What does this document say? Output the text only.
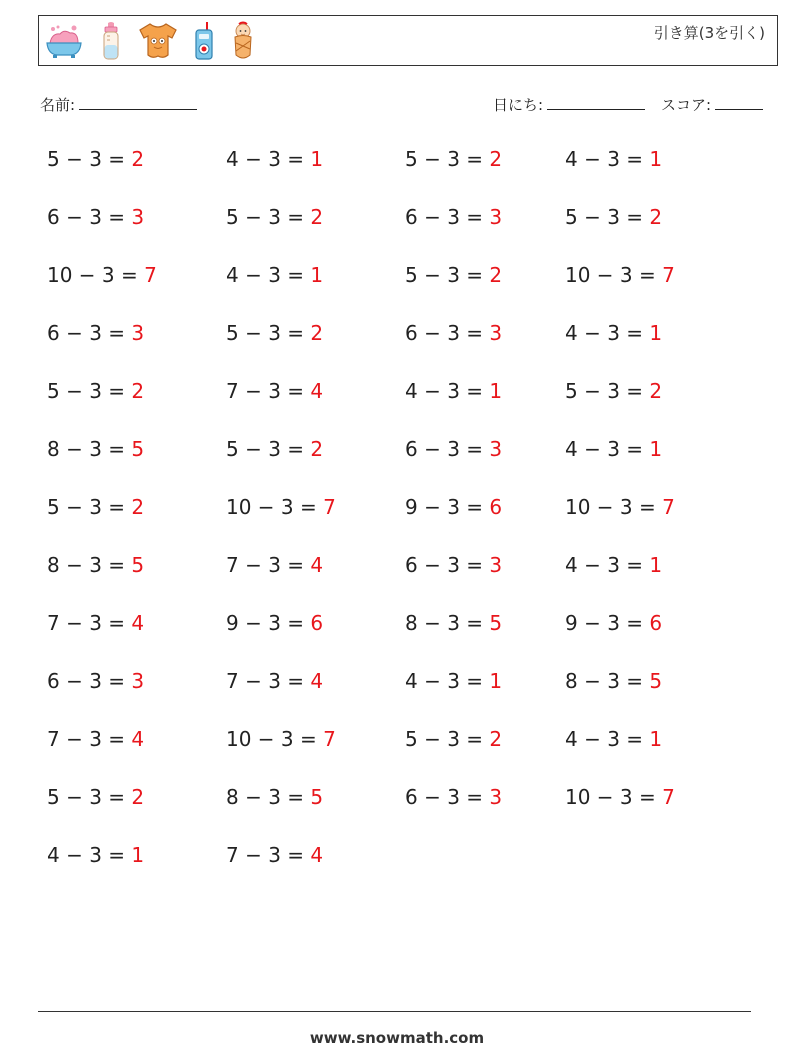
引き算(3を引く)
名前:	日にち:	スコア:
5 − 3 = 2	4 − 3 = 1	5 − 3 = 2	4 − 3 = 1
6 − 3 = 3	5 − 3 = 2	6 − 3 = 3	5 − 3 = 2
10 − 3 = 7	4 − 3 = 1	5 − 3 = 2	10 − 3 = 7
6 − 3 = 3	5 − 3 = 2	6 − 3 = 3	4 − 3 = 1
5 − 3 = 2	7 − 3 = 4	4 − 3 = 1	5 − 3 = 2
8 − 3 = 5	5 − 3 = 2	6 − 3 = 3	4 − 3 = 1
5 − 3 = 2	10 − 3 = 7	9 − 3 = 6	10 − 3 = 7
8 − 3 = 5	7 − 3 = 4	6 − 3 = 3	4 − 3 = 1
7 − 3 = 4	9 − 3 = 6	8 − 3 = 5	9 − 3 = 6
6 − 3 = 3	7 − 3 = 4	4 − 3 = 1	8 − 3 = 5
7 − 3 = 4	10 − 3 = 7	5 − 3 = 2	4 − 3 = 1
5 − 3 = 2	8 − 3 = 5	6 − 3 = 3	10 − 3 = 7
4 − 3 = 1	7 − 3 = 4
www.snowmath.com
